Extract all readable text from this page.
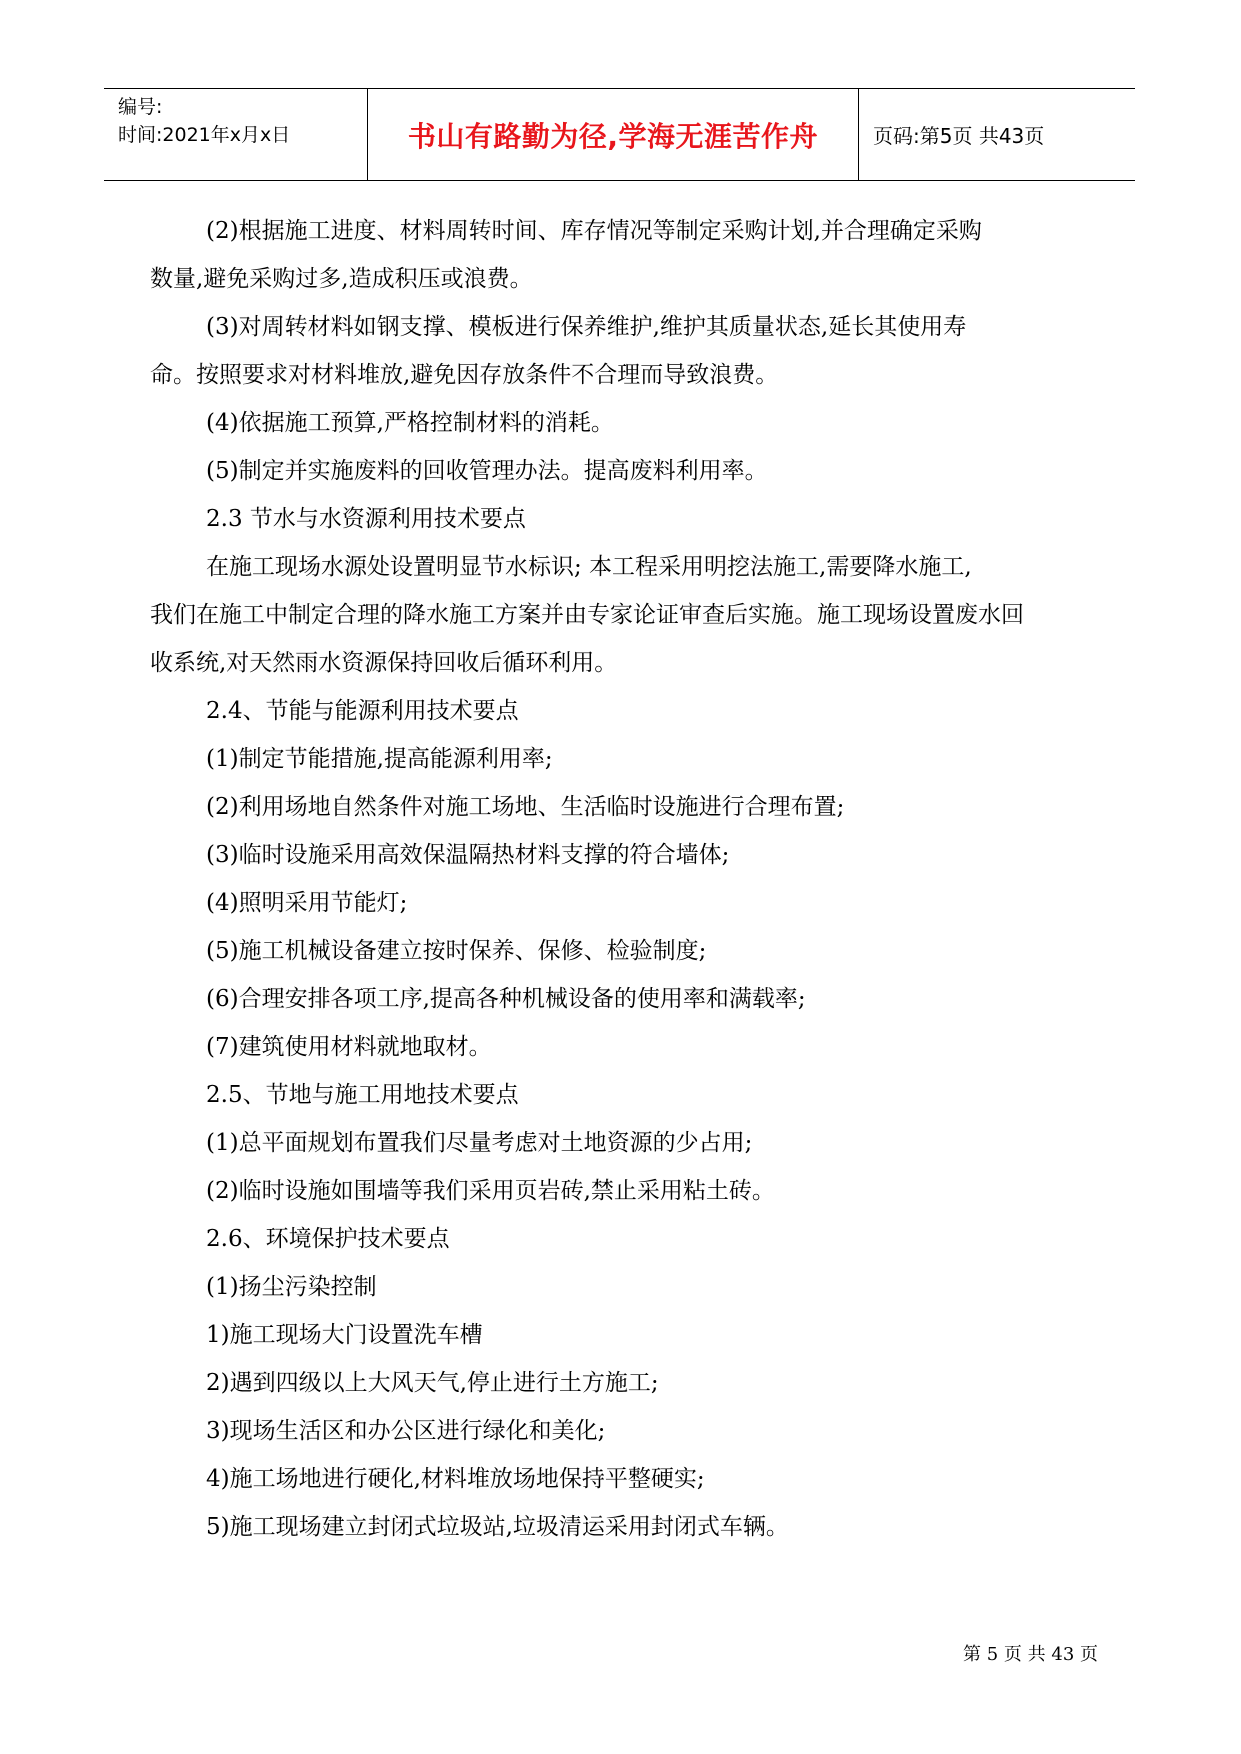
编号:
时间:2021年x月x日	书山有路勤为径,学海无涯苦作舟	页码:第5页 共43页

(2)根据施工进度、材料周转时间、库存情况等制定采购计划,并合理确定采购

数量,避免采购过多,造成积压或浪费。

(3)对周转材料如钢支撑、模板进行保养维护,维护其质量状态,延长其使用寿

命。按照要求对材料堆放,避免因存放条件不合理而导致浪费。

(4)依据施工预算,严格控制材料的消耗。

(5)制定并实施废料的回收管理办法。提高废料利用率。

2.3 节水与水资源利用技术要点

在施工现场水源处设置明显节水标识; 本工程采用明挖法施工,需要降水施工,

我们在施工中制定合理的降水施工方案并由专家论证审查后实施。施工现场设置废水回

收系统,对天然雨水资源保持回收后循环利用。

2.4、节能与能源利用技术要点

(1)制定节能措施,提高能源利用率;

(2)利用场地自然条件对施工场地、生活临时设施进行合理布置;

(3)临时设施采用高效保温隔热材料支撑的符合墙体;

(4)照明采用节能灯;

(5)施工机械设备建立按时保养、保修、检验制度;

(6)合理安排各项工序,提高各种机械设备的使用率和满载率;

(7)建筑使用材料就地取材。

2.5、节地与施工用地技术要点

(1)总平面规划布置我们尽量考虑对土地资源的少占用;

(2)临时设施如围墙等我们采用页岩砖,禁止采用粘土砖。

2.6、环境保护技术要点

(1)扬尘污染控制

1)施工现场大门设置洗车槽

2)遇到四级以上大风天气,停止进行土方施工;

3)现场生活区和办公区进行绿化和美化;

4)施工场地进行硬化,材料堆放场地保持平整硬实;

5)施工现场建立封闭式垃圾站,垃圾清运采用封闭式车辆。

第 5 页 共 43 页
